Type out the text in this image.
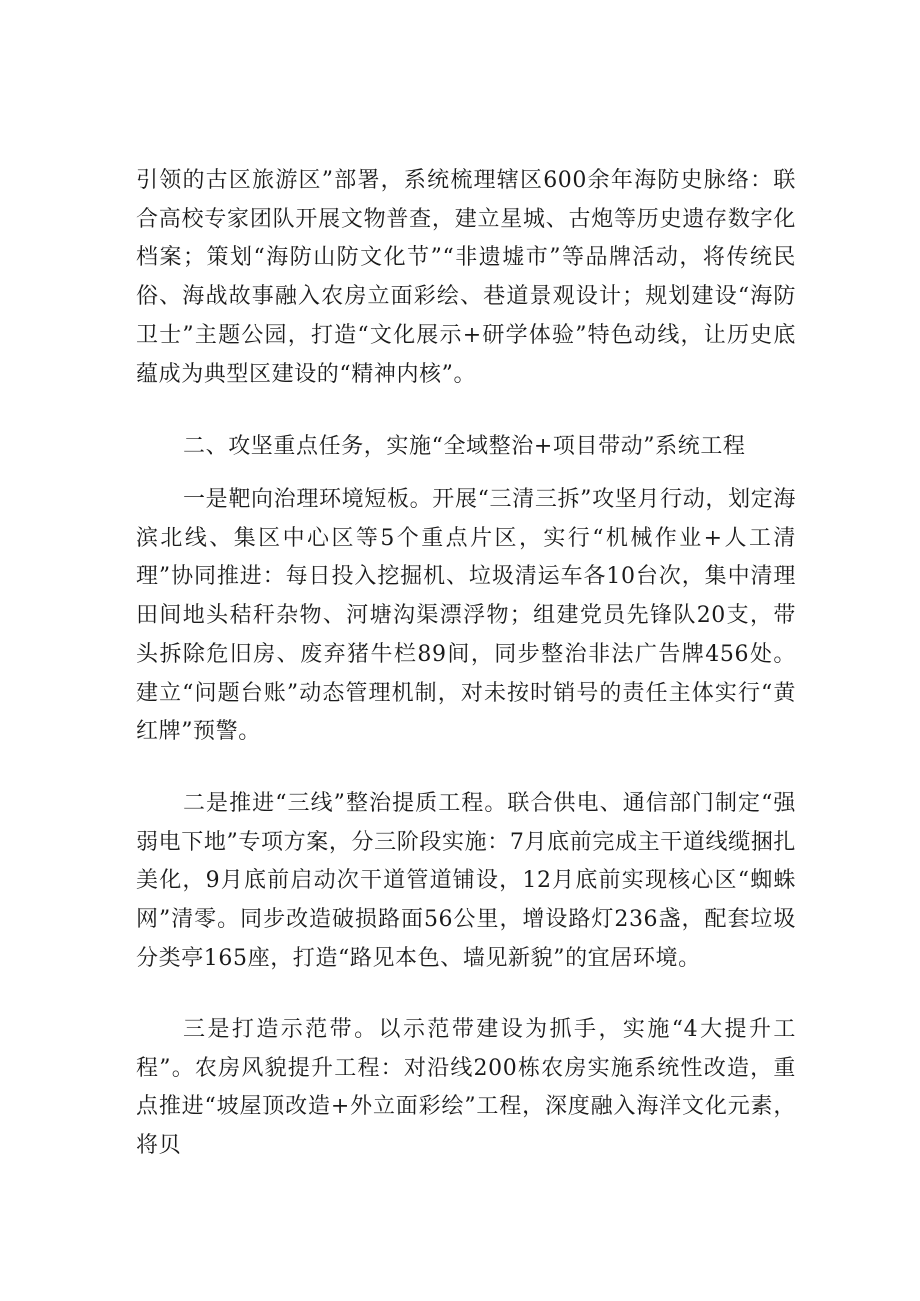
引领的古区旅游区”部署，系统梳理辖区600余年海防史脉络：联合高校专家团队开展文物普查，建立星城、古炮等历史遗存数字化档案；策划“海防山防文化节”“非遗墟市”等品牌活动，将传统民俗、海战故事融入农房立面彩绘、巷道景观设计；规划建设“海防卫士”主题公园，打造“文化展示+研学体验”特色动线，让历史底蕴成为典型区建设的“精神内核”。

二、攻坚重点任务，实施“全域整治+项目带动”系统工程

一是靶向治理环境短板。开展“三清三拆”攻坚月行动，划定海滨北线、集区中心区等5个重点片区，实行“机械作业+人工清理”协同推进：每日投入挖掘机、垃圾清运车各10台次，集中清理田间地头秸秆杂物、河塘沟渠漂浮物；组建党员先锋队20支，带头拆除危旧房、废弃猪牛栏89间，同步整治非法广告牌456处。建立“问题台账”动态管理机制，对未按时销号的责任主体实行“黄红牌”预警。

二是推进“三线”整治提质工程。联合供电、通信部门制定“强弱电下地”专项方案，分三阶段实施：7月底前完成主干道线缆捆扎美化，9月底前启动次干道管道铺设，12月底前实现核心区“蜘蛛网”清零。同步改造破损路面56公里，增设路灯236盏，配套垃圾分类亭165座，打造“路见本色、墙见新貌”的宜居环境。

三是打造示范带。以示范带建设为抓手，实施“4大提升工程”。农房风貌提升工程：对沿线200栋农房实施系统性改造，重点推进“坡屋顶改造+外立面彩绘”工程，深度融入海洋文化元素，将贝
